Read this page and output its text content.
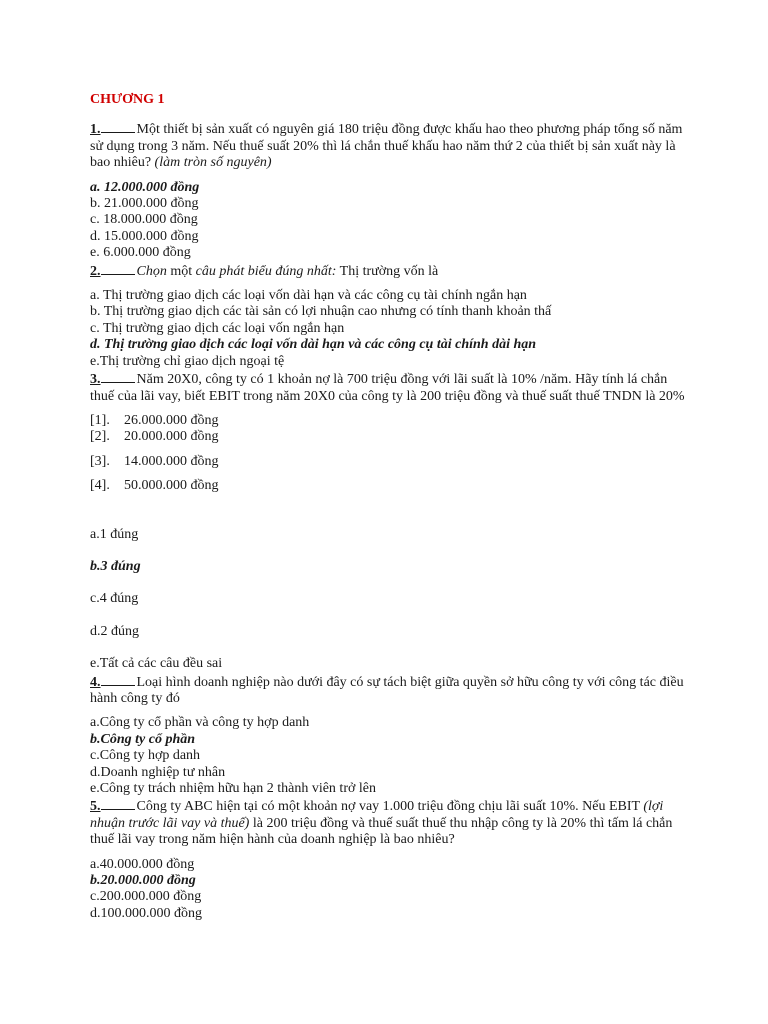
CHƯƠNG 1

1.	Một thiết bị sản xuất có nguyên giá 180 triệu đồng được khấu hao theo phương pháp tổng số năm sử dụng trong 3 năm. Nếu thuế suất 20% thì lá chắn thuế khấu hao năm thứ 2 của thiết bị sản xuất này là bao nhiêu? (làm tròn số nguyên)

a. 12.000.000 đồng

b. 21.000.000 đồng

c. 18.000.000 đồng

d. 15.000.000 đồng

e. 6.000.000 đồng

2.	Chọn một câu phát biểu đúng nhất: Thị trường vốn là

a. Thị trường giao dịch các loại vốn dài hạn và các công cụ tài chính ngắn hạn

b. Thị trường giao dịch các tài sản có lợi nhuận cao nhưng có tính thanh khoản thấ

c. Thị trường giao dịch các loại vốn ngắn hạn

d. Thị trường giao dịch các loại vốn dài hạn và các công cụ tài chính dài hạn

e.Thị trường chỉ giao dịch ngoại tệ

3.	Năm 20X0, công ty có 1 khoản nợ là 700 triệu đồng với lãi suất là 10% /năm. Hãy tính lá chắn thuế của lãi vay, biết EBIT trong năm 20X0 của công ty là 200 triệu đồng và thuế suất thuế TNDN là 20%

[1].	26.000.000 đồng
[2].	20.000.000 đồng
[3].	14.000.000 đồng
[4].	50.000.000 đồng

a.1 đúng

b.3 đúng

c.4 đúng

d.2 đúng

e.Tất cả các câu đều sai

4.	Loại hình doanh nghiệp nào dưới đây có sự tách biệt giữa quyền sở hữu công ty với công tác điều hành công ty đó

a.Công ty cổ phần và công ty hợp danh

b.Công ty cổ phần

c.Công ty hợp danh

d.Doanh nghiệp tư nhân

e.Công ty trách nhiệm hữu hạn 2 thành viên trở lên

5.	Công ty ABC hiện tại có một khoản nợ vay 1.000 triệu đồng chịu lãi suất 10%. Nếu EBIT (lợi nhuận trước lãi vay và thuế) là 200 triệu đồng và thuế suất thuế thu nhập công ty là 20% thì tấm lá chắn thuế lãi vay trong năm hiện hành của doanh nghiệp là bao nhiêu?

a.40.000.000 đồng

b.20.000.000 đồng

c.200.000.000 đồng

d.100.000.000 đồng
